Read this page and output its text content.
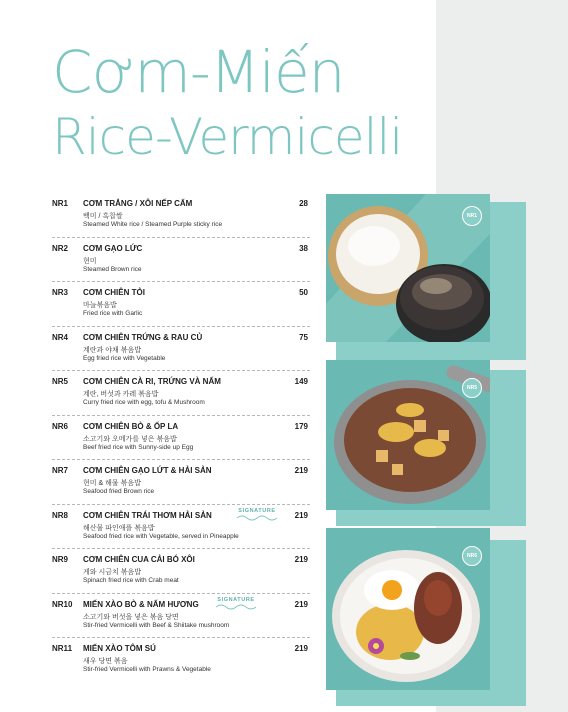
Cơm-Miến
Rice-Vermicelli
NR1 CƠM TRẮNG / XÔI NẾP CẨM
백미 / 흑찹쌀
Steamed White rice / Steamed Purple sticky rice
28
NR2 CƠM GẠO LỨC
현미
Steamed Brown rice
38
NR3 CƠM CHIÊN TỎI
마늘볶음밥
Fried rice with Garlic
50
NR4 CƠM CHIÊN TRỨNG & RAU CỦ
계란과 야채 볶음밥
Egg fried rice with Vegetable
75
NR5 CƠM CHIÊN CÀ RI, TRỨNG VÀ NẤM
계란, 버섯과 카레 볶음밥
Curry fried rice with egg, tofu & Mushroom
149
NR6 CƠM CHIÊN BÒ & ỐP LA
소고기와 오메가를 넣은 볶음밥
Beef fried rice with Sunny-side up Egg
179
NR7 CƠM CHIÊN GẠO LỨT & HẢI SẢN
현미 & 해물 볶음밥
Seafood fried Brown rice
219
NR8 CƠM CHIÊN TRÁI THƠM HẢI SẢN	SIGNATURE
해산물 파인애플 볶음밥
Seafood fried rice with Vegetable, served in Pineapple
219
NR9 CƠM CHIÊN CUA CẢI BÓ XÔI
게와 시금치 볶음밥
Spinach fried rice with Crab meat
219
NR10 MIẾN XÀO BÒ & NẤM HƯƠNG	SIGNATURE
소고기와 버섯을 넣은 볶음 당면
Stir-fried Vermicelli with Beef & Shiitake mushroom
219
NR11 MIẾN XÀO TÔM SÚ
새우 당면 볶음
Stir-fried Vermicelli with Prawns & Vegetable
219
NR1
NR5
NR6
